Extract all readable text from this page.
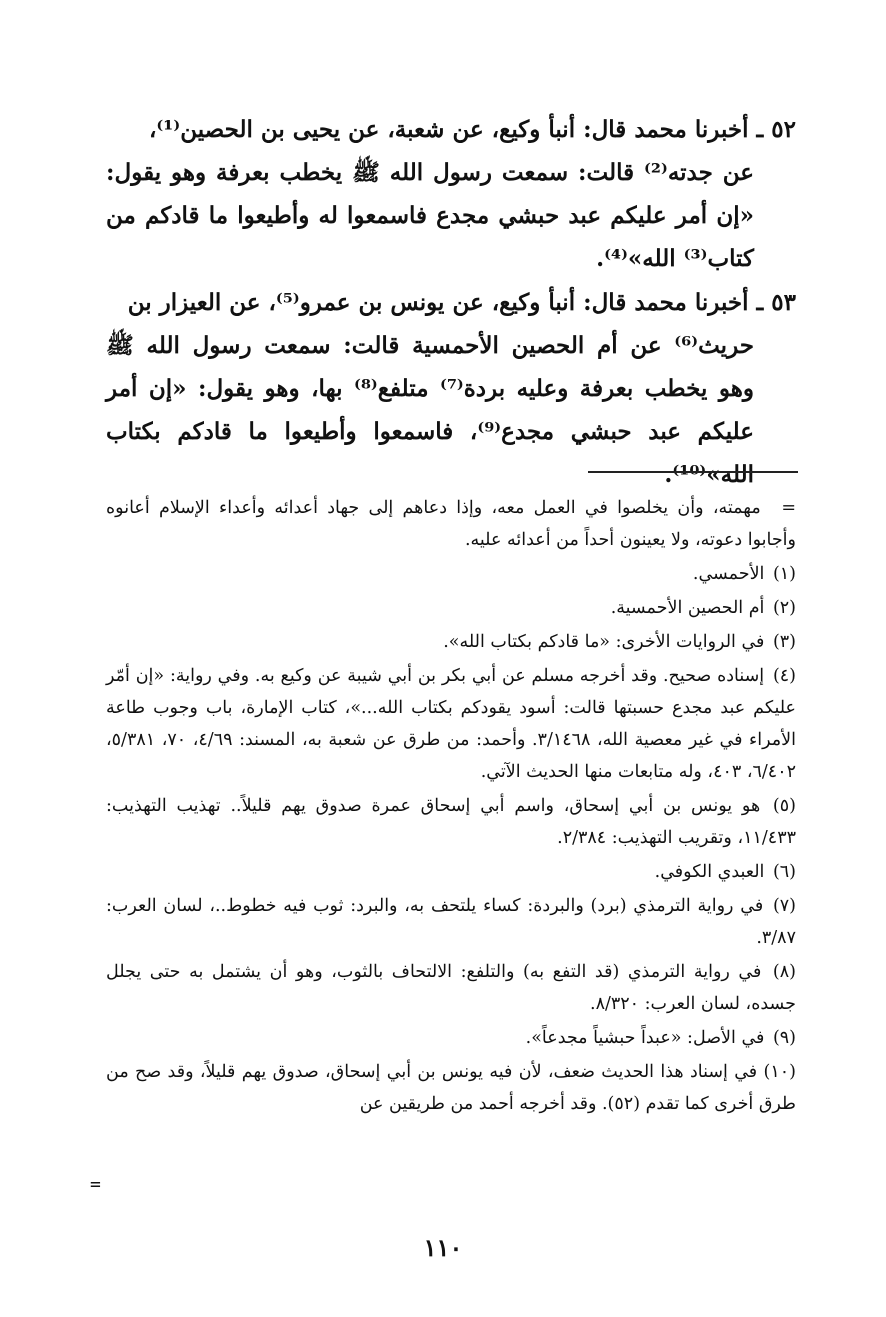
٥٢ ـ أخبرنا محمد قال: أنبأ وكيع، عن شعبة، عن يحيى بن الحصين⁽¹⁾،
عن جدته⁽²⁾ قالت: سمعت رسول الله ﷺ يخطب بعرفة وهو يقول: «إن أمر عليكم عبد حبشي مجدع فاسمعوا له وأطيعوا ما قادكم من كتاب⁽³⁾ الله»⁽⁴⁾.

٥٣ ـ أخبرنا محمد قال: أنبأ وكيع، عن يونس بن عمرو⁽⁵⁾، عن العيزار بن
حريث⁽⁶⁾ عن أم الحصين الأحمسية قالت: سمعت رسول الله ﷺ وهو يخطب بعرفة وعليه بردة⁽⁷⁾ متلفع⁽⁸⁾ بها، وهو يقول: «إن أمر عليكم عبد حبشي مجدع⁽⁹⁾، فاسمعوا وأطيعوا ما قادكم بكتاب الله»⁽¹⁰⁾.

= مهمته، وأن يخلصوا في العمل معه، وإذا دعاهم إلى جهاد أعدائه وأعداء الإسلام أعانوه وأجابوا دعوته، ولا يعينون أحداً من أعدائه عليه.
(١) الأحمسي.
(٢) أم الحصين الأحمسية.
(٣) في الروايات الأخرى: «ما قادكم بكتاب الله».
(٤) إسناده صحيح. وقد أخرجه مسلم عن أبي بكر بن أبي شيبة عن وكيع به. وفي رواية: «إن أمّر عليكم عبد مجدع حسبتها قالت: أسود يقودكم بكتاب الله...»، كتاب الإمارة، باب وجوب طاعة الأمراء في غير معصية الله، ٣/١٤٦٨. وأحمد: من طرق عن شعبة به، المسند: ٤/٦٩، ٧٠، ٥/٣٨١، ٦/٤٠٢، ٤٠٣، وله متابعات منها الحديث الآتي.
(٥) هو يونس بن أبي إسحاق، واسم أبي إسحاق عمرة صدوق يهم قليلاً.. تهذيب التهذيب: ١١/٤٣٣، وتقريب التهذيب: ٢/٣٨٤.
(٦) العبدي الكوفي.
(٧) في رواية الترمذي (برد) والبردة: كساء يلتحف به، والبرد: ثوب فيه خطوط..، لسان العرب: ٣/٨٧.
(٨) في رواية الترمذي (قد التفع به) والتلفع: الالتحاف بالثوب، وهو أن يشتمل به حتى يجلل جسده، لسان العرب: ٨/٣٢٠.
(٩) في الأصل: «عبداً حبشياً مجدعاً».
(١٠) في إسناد هذا الحديث ضعف، لأن فيه يونس بن أبي إسحاق، صدوق يهم قليلاً، وقد صح من طرق أخرى كما تقدم (٥٢). وقد أخرجه أحمد من طريقين عن
=
١١٠
